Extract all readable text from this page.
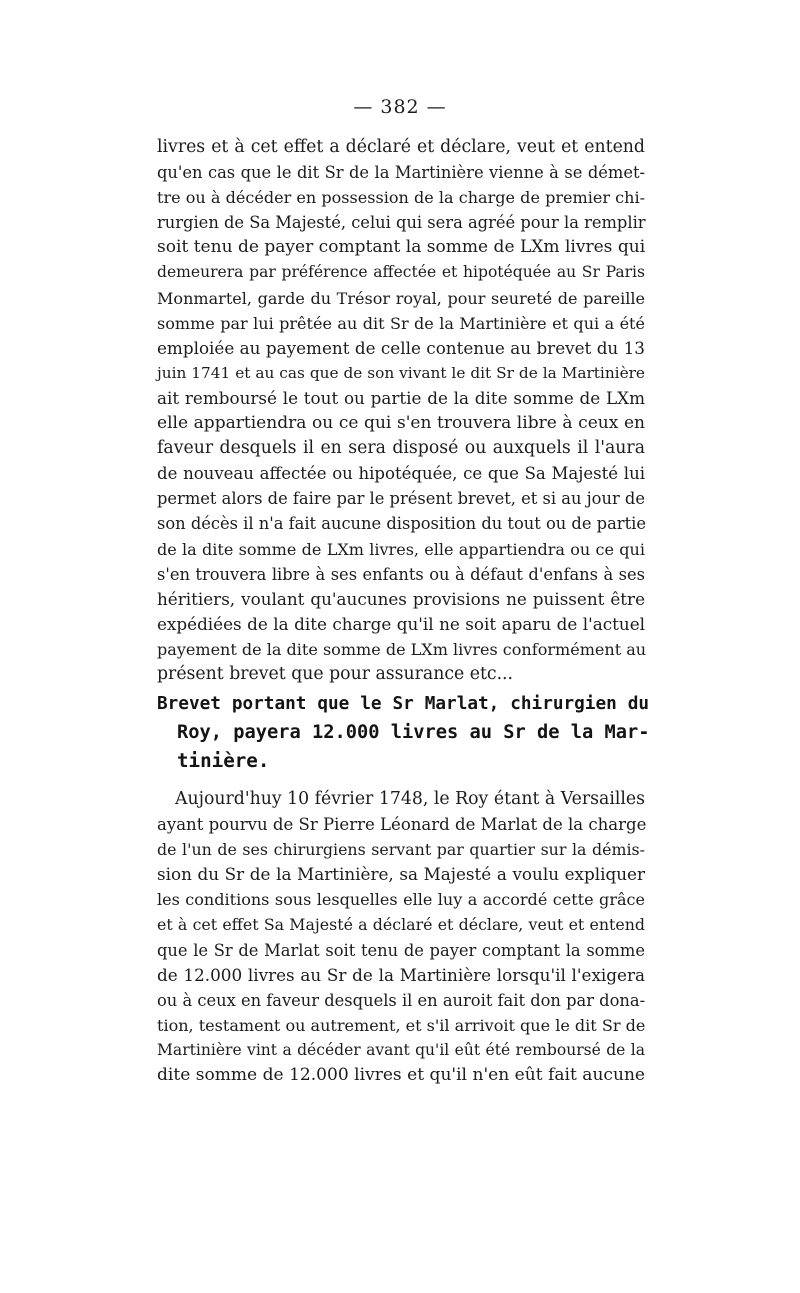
— 382 —
livres et à cet effet a déclaré et déclare, veut et entend
qu'en cas que le dit Sr de la Martinière vienne à se démet-
tre ou à décéder en possession de la charge de premier chi-
rurgien de Sa Majesté, celui qui sera agréé pour la remplir
soit tenu de payer comptant la somme de LXm livres qui
demeurera par préférence affectée et hipotéquée au Sr Paris
Monmartel, garde du Trésor royal, pour seureté de pareille
somme par lui prêtée au dit Sr de la Martinière et qui a été
emploiée au payement de celle contenue au brevet du 13
juin 1741 et au cas que de son vivant le dit Sr de la Martinière
ait remboursé le tout ou partie de la dite somme de LXm
elle appartiendra ou ce qui s'en trouvera libre à ceux en
faveur desquels il en sera disposé ou auxquels il l'aura
de nouveau affectée ou hipotéquée, ce que Sa Majesté lui
permet alors de faire par le présent brevet, et si au jour de
son décès il n'a fait aucune disposition du tout ou de partie
de la dite somme de LXm livres, elle appartiendra ou ce qui
s'en trouvera libre à ses enfants ou à défaut d'enfans à ses
héritiers, voulant qu'aucunes provisions ne puissent être
expédiées de la dite charge qu'il ne soit aparu de l'actuel
payement de la dite somme de LXm livres conformément au
présent brevet que pour assurance etc...
Brevet portant que le Sr Marlat, chirurgien du
Roy, payera 12.000 livres au Sr de la Mar-
tinière.
Aujourd'huy 10 février 1748, le Roy étant à Versailles
ayant pourvu de Sr Pierre Léonard de Marlat de la charge
de l'un de ses chirurgiens servant par quartier sur la démis-
sion du Sr de la Martinière, sa Majesté a voulu expliquer
les conditions sous lesquelles elle luy a accordé cette grâce
et à cet effet Sa Majesté a déclaré et déclare, veut et entend
que le Sr de Marlat soit tenu de payer comptant la somme
de 12.000 livres au Sr de la Martinière lorsqu'il l'exigera
ou à ceux en faveur desquels il en auroit fait don par dona-
tion, testament ou autrement, et s'il arrivoit que le dit Sr de
Martinière vint a décéder avant qu'il eût été remboursé de la
dite somme de 12.000 livres et qu'il n'en eût fait aucune
